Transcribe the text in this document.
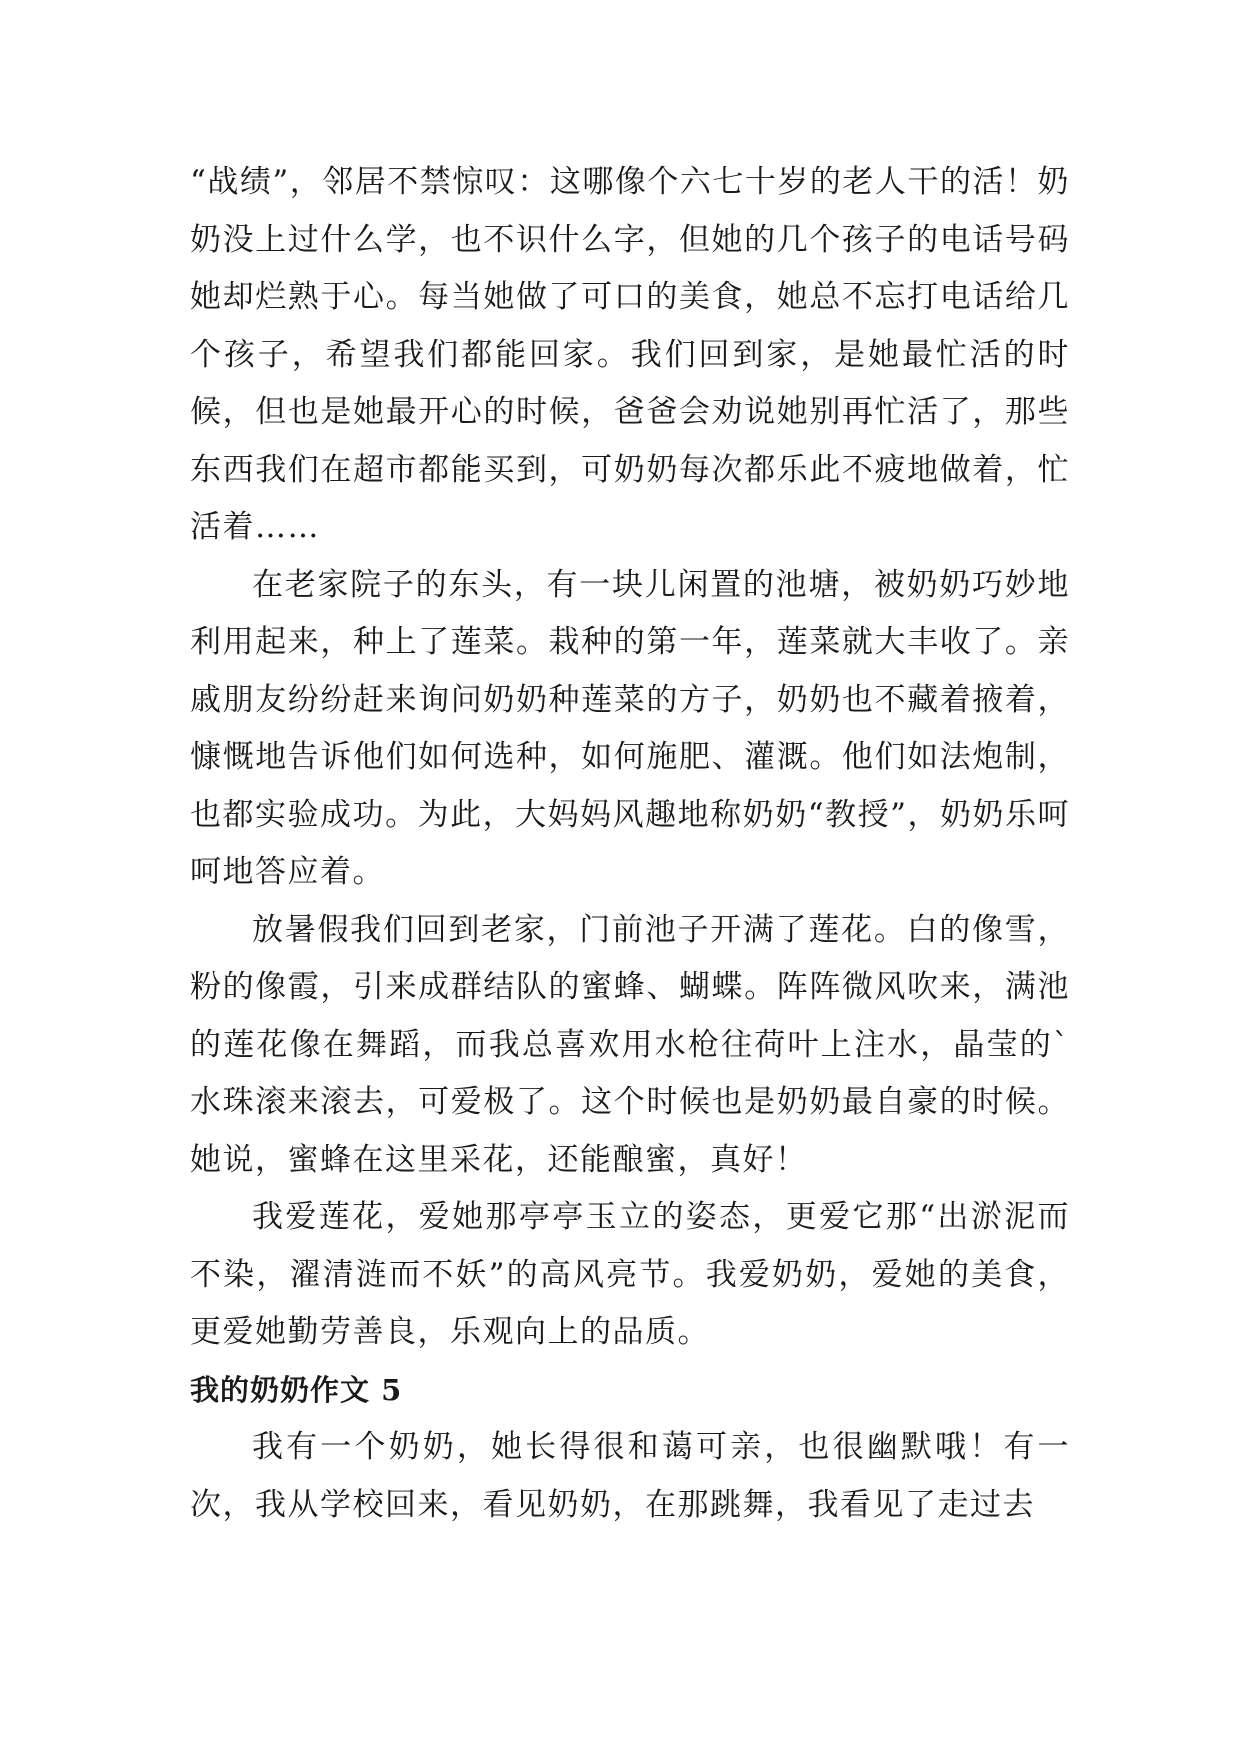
“战绩”，邻居不禁惊叹：这哪像个六七十岁的老人干的活！奶奶没上过什么学，也不识什么字，但她的几个孩子的电话号码她却烂熟于心。每当她做了可口的美食，她总不忘打电话给几个孩子，希望我们都能回家。我们回到家，是她最忙活的时候，但也是她最开心的时候，爸爸会劝说她别再忙活了，那些东西我们在超市都能买到，可奶奶每次都乐此不疲地做着，忙活着……

在老家院子的东头，有一块儿闲置的池塘，被奶奶巧妙地利用起来，种上了莲菜。栽种的第一年，莲菜就大丰收了。亲戚朋友纷纷赶来询问奶奶种莲菜的方子，奶奶也不藏着掖着，慷慨地告诉他们如何选种，如何施肥、灌溉。他们如法炮制，也都实验成功。为此，大妈妈风趣地称奶奶“教授”，奶奶乐呵呵地答应着。

放暑假我们回到老家，门前池子开满了莲花。白的像雪，粉的像霞，引来成群结队的蜜蜂、蝴蝶。阵阵微风吹来，满池的莲花像在舞蹈，而我总喜欢用水枪往荷叶上注水，晶莹的`水珠滚来滚去，可爱极了。这个时候也是奶奶最自豪的时候。她说，蜜蜂在这里采花，还能酿蜜，真好！

我爱莲花，爱她那亭亭玉立的姿态，更爱它那“出淤泥而不染，濯清涟而不妖”的高风亮节。我爱奶奶，爱她的美食，更爱她勤劳善良，乐观向上的品质。

我的奶奶作文 5

我有一个奶奶，她长得很和蔼可亲，也很幽默哦！有一次，我从学校回来，看见奶奶，在那跳舞，我看见了走过去
